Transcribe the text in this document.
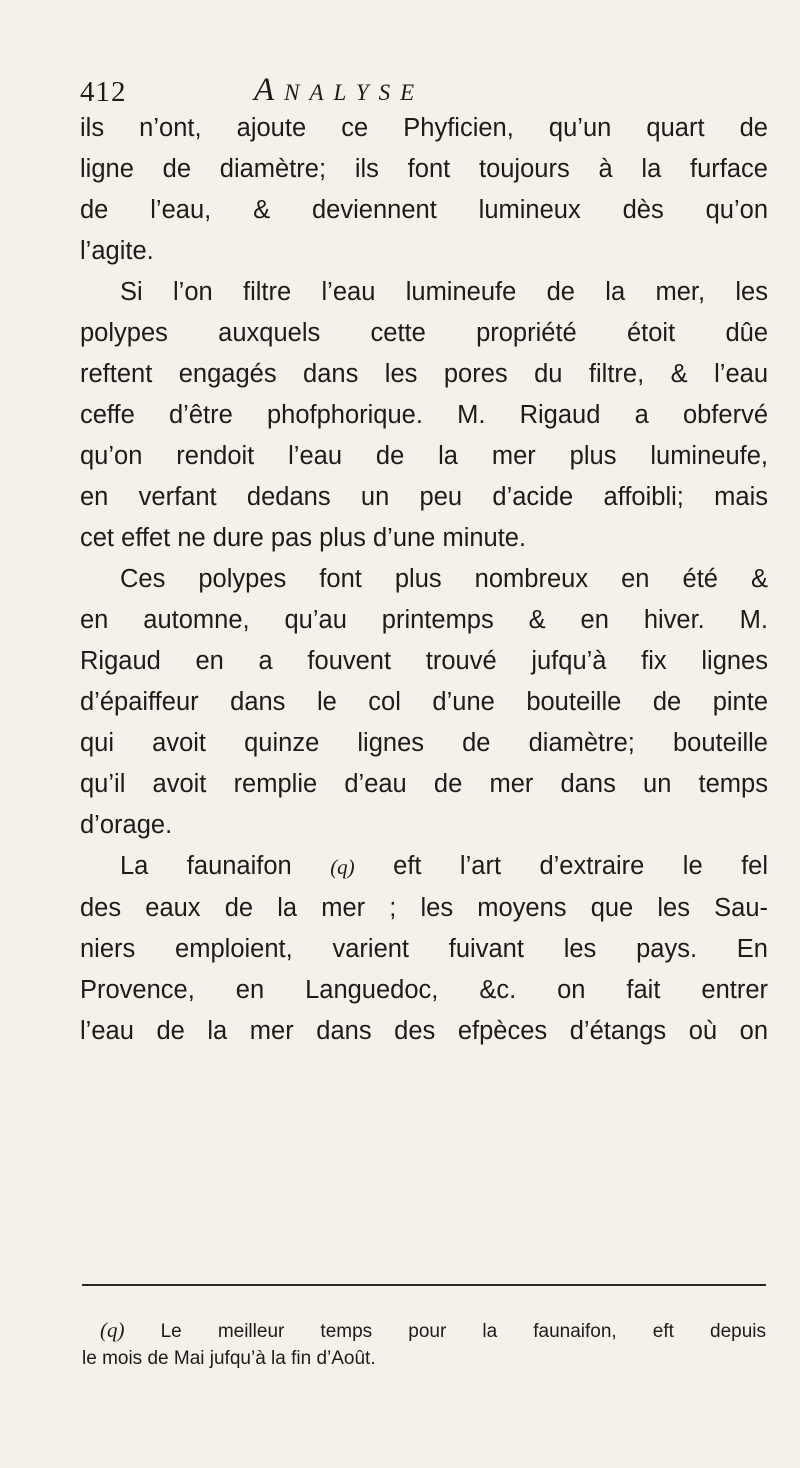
412	Analyse
ils n’ont, ajoute ce Phyficien, qu’un quart de
ligne de diamètre; ils font toujours à la furface
de l’eau, & deviennent lumineux dès qu’on
l’agite.
Si l’on filtre l’eau lumineufe de la mer, les
polypes auxquels cette propriété étoit dûe
reftent engagés dans les pores du filtre, & l’eau
ceffe d’être phofphorique. M. Rigaud a obfervé
qu’on rendoit l’eau de la mer plus lumineufe,
en verfant dedans un peu d’acide affoibli; mais
cet effet ne dure pas plus d’une minute.
Ces polypes font plus nombreux en été &
en automne, qu’au printemps & en hiver. M.
Rigaud en a fouvent trouvé jufqu’à fix lignes
d’épaiffeur dans le col d’une bouteille de pinte
qui avoit quinze lignes de diamètre; bouteille
qu’il avoit remplie d’eau de mer dans un temps
d’orage.
La faunaifon (q) eft l’art d’extraire le fel
des eaux de la mer ; les moyens que les Sau-
niers emploient, varient fuivant les pays. En
Provence, en Languedoc, &c. on fait entrer
l’eau de la mer dans des efpèces d’étangs où on
(q) Le meilleur temps pour la faunaifon, eft depuis
le mois de Mai jufqu’à la fin d’Août.
